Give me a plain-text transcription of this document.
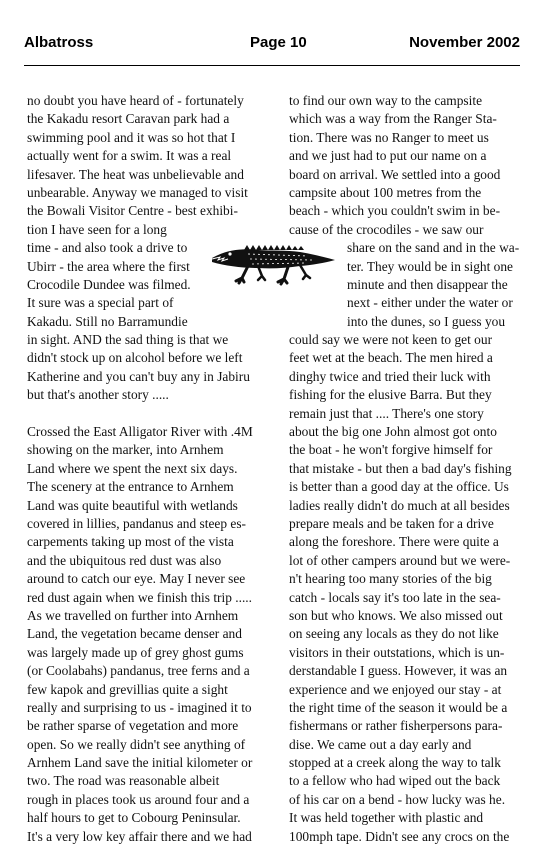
Albatross	Page 10	November 2002
no doubt you have heard of - fortunately
the Kakadu resort Caravan park had a
swimming pool and it was so hot that I
actually went for a swim. It was a real
lifesaver. The heat was unbelievable and
unbearable. Anyway we managed to visit
the Bowali Visitor Centre - best exhibi-
tion I have seen for a long
time - and also took a drive to
Ubirr - the area where the first
Crocodile Dundee was filmed.
It sure was a special part of
Kakadu. Still no Barramundie
in sight. AND the sad thing is that we
didn't stock up on alcohol before we left
Katherine and you can't buy any in Jabiru
but that's another story .....
Crossed the East Alligator River with .4M
showing on the marker, into Arnhem
Land where we spent the next six days.
The scenery at the entrance to Arnhem
Land was quite beautiful with wetlands
covered in lillies, pandanus and steep es-
carpements taking up most of the vista
and the ubiquitous red dust was also
around to catch our eye. May I never see
red dust again when we finish this trip .....
As we travelled on further into Arnhem
Land, the vegetation became denser and
was largely made up of grey ghost gums
(or Coolabahs) pandanus, tree ferns and a
few kapok and grevillias quite a sight
really and surprising to us - imagined it to
be rather sparse of vegetation and more
open. So we really didn't see anything of
Arnhem Land save the initial kilometer or
two. The road was reasonable albeit
rough in places took us around four and a
half hours to get to Cobourg Peninsular.
It's a very low key affair there and we had
to find our own way to the campsite
which was a way from the Ranger Sta-
tion. There was no Ranger to meet us
and we just had to put our name on a
board on arrival. We settled into a good
campsite about 100 metres from the
beach - which you couldn't swim in be-
cause of the crocodiles - we saw our
share on the sand and in the wa-
ter. They would be in sight one
minute and then disappear the
next - either under the water or
into the dunes, so I guess you
could say we were not keen to get our
feet wet at the beach. The men hired a
dinghy twice and tried their luck with
fishing for the elusive Barra. But they
remain just that .... There's one story
about the big one John almost got onto
the boat - he won't forgive himself for
that mistake - but then a bad day's fishing
is better than a good day at the office. Us
ladies really didn't do much at all besides
prepare meals and be taken for a drive
along the foreshore. There were quite a
lot of other campers around but we were-
n't hearing too many stories of the big
catch - locals say it's too late in the sea-
son but who knows. We also missed out
on seeing any locals as they do not like
visitors in their outstations, which is un-
derstandable I guess. However, it was an
experience and we enjoyed our stay - at
the right time of the season it would be a
fishermans or rather fisherpersons para-
dise. We came out a day early and
stopped at a creek along the way to talk
to a fellow who had wiped out the back
of his car on a bend - how lucky was he.
It was held together with plastic and
100mph tape. Didn't see any crocs on the
